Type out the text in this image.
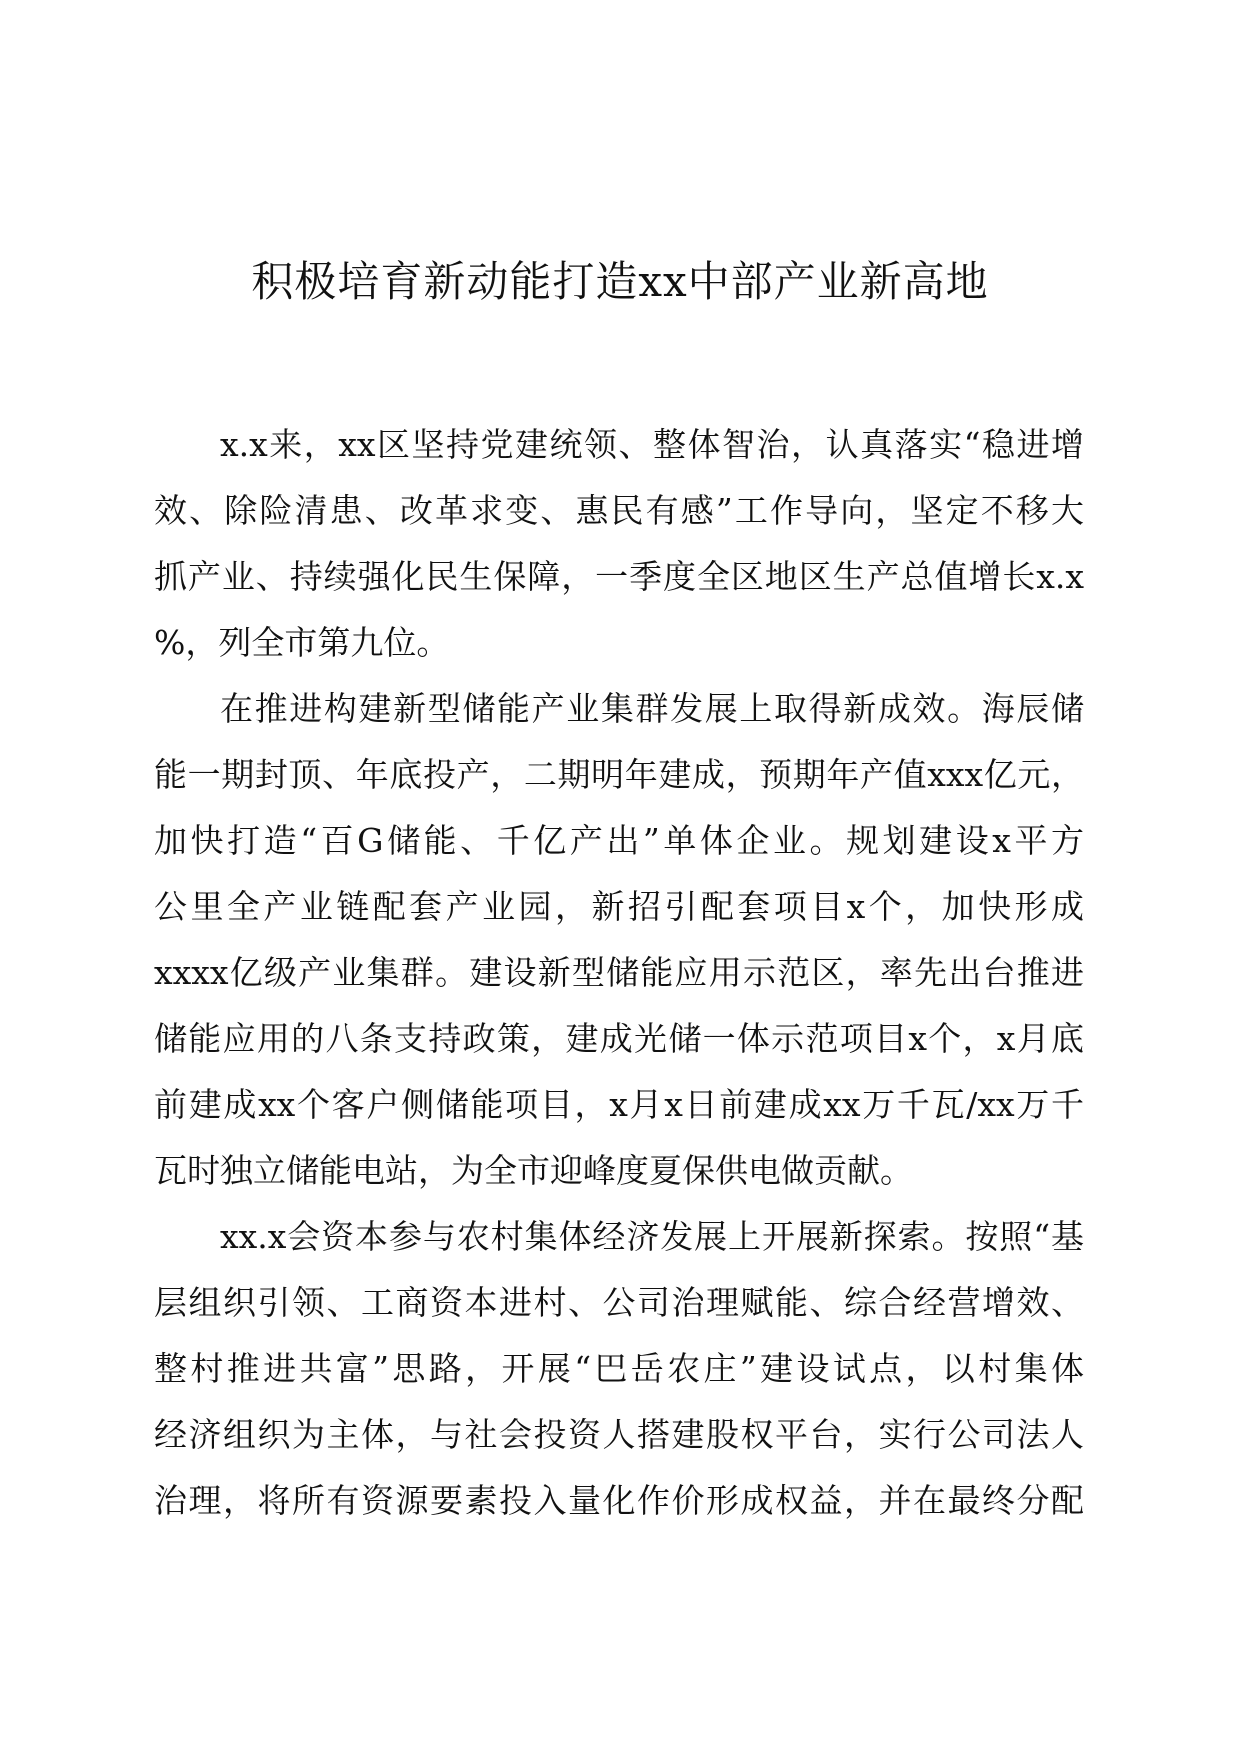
积极培育新动能打造xx中部产业新高地
x.x来，xx区坚持党建统领、整体智治，认真落实“稳进增
效、除险清患、改革求变、惠民有感”工作导向，坚定不移大
抓产业、持续强化民生保障，一季度全区地区生产总值增长x.x
%，列全市第九位。
在推进构建新型储能产业集群发展上取得新成效。海辰储
能一期封顶、年底投产，二期明年建成，预期年产值xxx亿元，
加快打造“百G储能、千亿产出”单体企业。规划建设x平方
公里全产业链配套产业园，新招引配套项目x个，加快形成
xxxx亿级产业集群。建设新型储能应用示范区，率先出台推进
储能应用的八条支持政策，建成光储一体示范项目x个，x月底
前建成xx个客户侧储能项目，x月x日前建成xx万千瓦/xx万千
瓦时独立储能电站，为全市迎峰度夏保供电做贡献。
xx.x会资本参与农村集体经济发展上开展新探索。按照“基
层组织引领、工商资本进村、公司治理赋能、综合经营增效、
整村推进共富”思路，开展“巴岳农庄”建设试点，以村集体
经济组织为主体，与社会投资人搭建股权平台，实行公司法人
治理，将所有资源要素投入量化作价形成权益，并在最终分配
